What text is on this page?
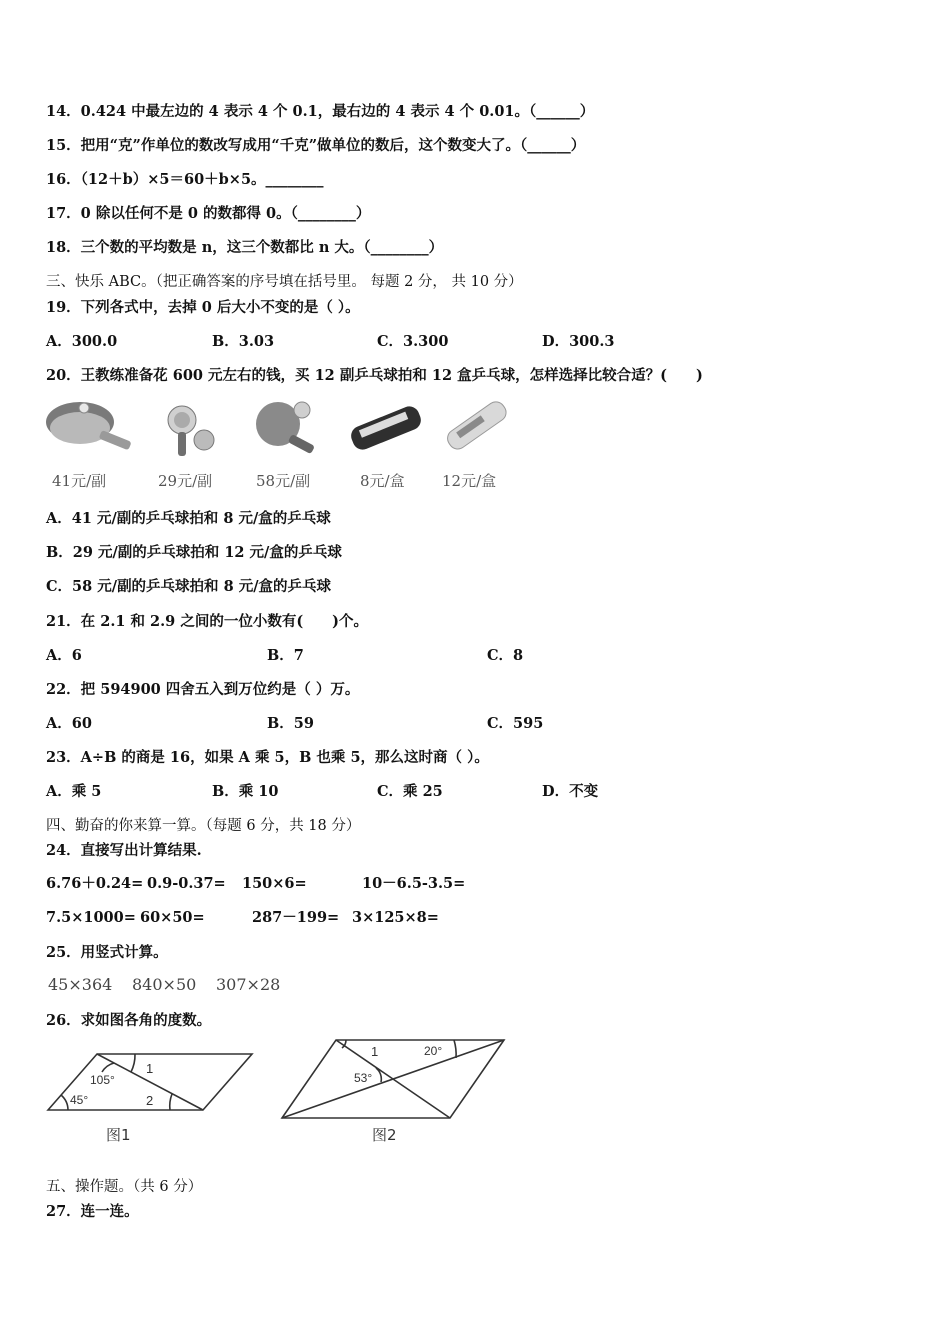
14．0.424 中最左边的 4 表示 4 个 0.1，最右边的 4 表示 4 个 0.01。（______）
15．把用“克”作单位的数改写成用“千克”做单位的数后，这个数变大了。（______）
16．（12＋b）×5＝60＋b×5。________
17．0 除以任何不是 0 的数都得 0。（________）
18．三个数的平均数是 n，这三个数都比 n 大。（________）
三、快乐 ABC。（把正确答案的序号填在括号里。 每题 2 分， 共 10 分）
19．下列各式中，去掉 0 后大小不变的是（ ）。
A．300.0	B．3.03	C．3.300	D．300.3
20．王教练准备花 600 元左右的钱，买 12 副乒乓球拍和 12 盒乒乓球，怎样选择比较合适？(　　)
41元/副	29元/副	58元/副	8元/盒 12元/盒
A．41 元/副的乒乓球拍和 8 元/盒的乒乓球
B．29 元/副的乒乓球拍和 12 元/盒的乒乓球
C．58 元/副的乒乓球拍和 8 元/盒的乒乓球
21．在 2.1 和 2.9 之间的一位小数有(　　)个。
A．6	B．7	C．8
22．把 594900 四舍五入到万位约是（ ）万。
A．60	B．59	C．595
23．A÷B 的商是 16，如果 A 乘 5，B 也乘 5，那么这时商（ ）。
A．乘 5	B．乘 10	C．乘 25	D．不变
四、勤奋的你来算一算。（每题 6 分，共 18 分）
24．直接写出计算结果.
6.76＋0.24= 0.9-0.37= 150×6=	10－6.5-3.5=
7.5×1000= 60×50=	287－199= 3×125×8=
25．用竖式计算。
45×364 840×50 307×28
26．求如图各角的度数。
45°
105°
1
2
图1
1	20°
53°
图2
五、操作题。（共 6 分）
27．连一连。
